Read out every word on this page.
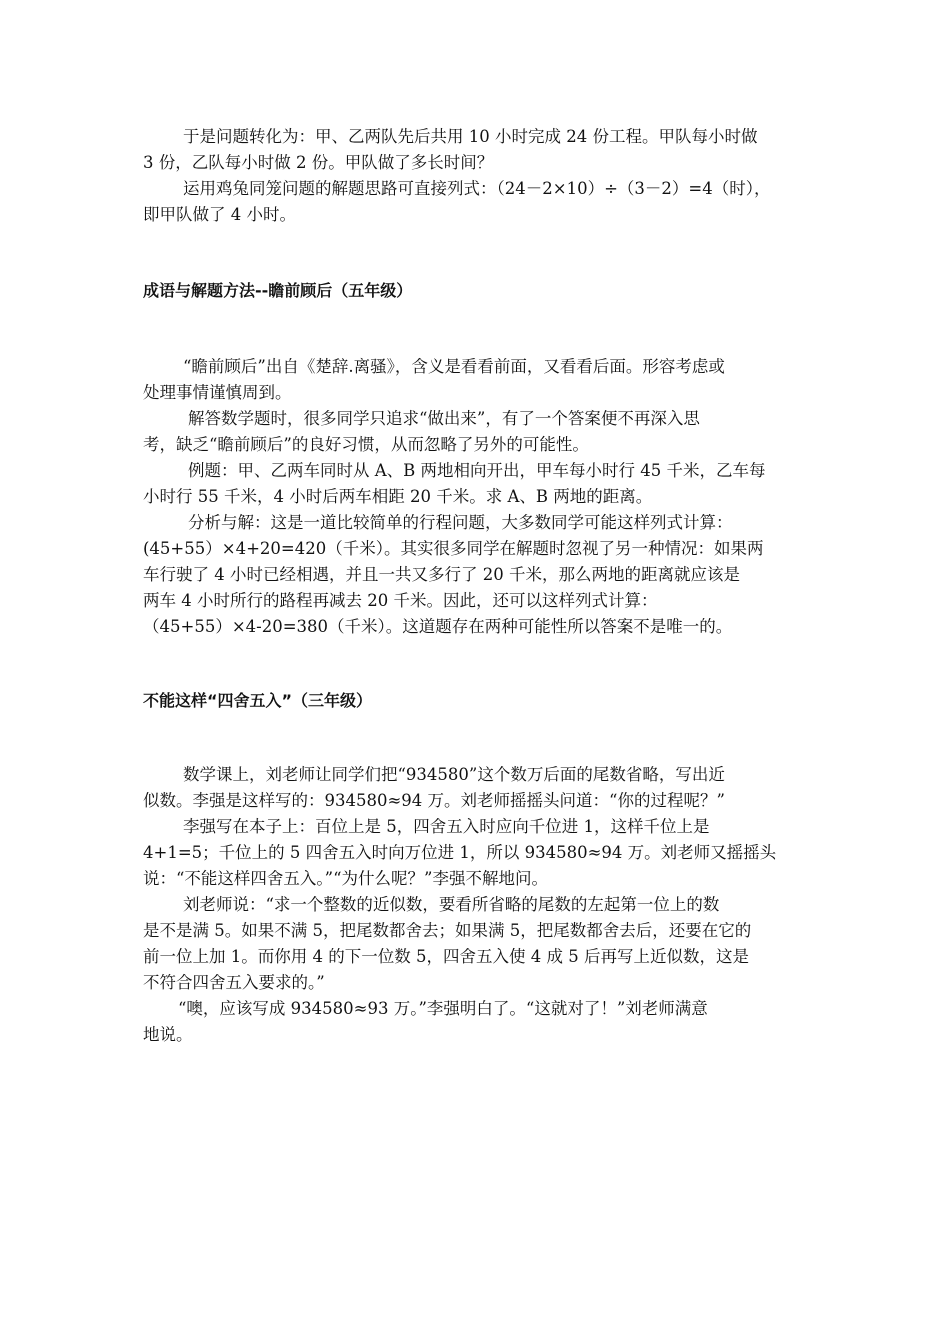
于是问题转化为：甲、乙两队先后共用 10 小时完成 24 份工程。甲队每小时做
3 份，乙队每小时做 2 份。甲队做了多长时间？
运用鸡兔同笼问题的解题思路可直接列式：（24－2×10）÷（3－2）=4（时），
即甲队做了 4 小时。
成语与解题方法--瞻前顾后（五年级）
“瞻前顾后”出自《楚辞.离骚》，含义是看看前面，又看看后面。形容考虑或
处理事情谨慎周到。
解答数学题时，很多同学只追求“做出来”，有了一个答案便不再深入思
考，缺乏“瞻前顾后”的良好习惯，从而忽略了另外的可能性。
例题：甲、乙两车同时从 A、B 两地相向开出，甲车每小时行 45 千米，乙车每
小时行 55 千米，4 小时后两车相距 20 千米。求 A、B 两地的距离。
分析与解：这是一道比较简单的行程问题，大多数同学可能这样列式计算：
(45+55）×4+20=420（千米）。其实很多同学在解题时忽视了另一种情况：如果两
车行驶了 4 小时已经相遇，并且一共又多行了 20 千米，那么两地的距离就应该是
两车 4 小时所行的路程再减去 20 千米。因此，还可以这样列式计算：
（45+55）×4-20=380（千米）。这道题存在两种可能性所以答案不是唯一的。
不能这样“四舍五入”（三年级）
数学课上，刘老师让同学们把“934580”这个数万后面的尾数省略，写出近
似数。李强是这样写的：934580≈94 万。刘老师摇摇头问道：“你的过程呢？”
李强写在本子上：百位上是 5，四舍五入时应向千位进 1，这样千位上是
4+1=5；千位上的 5 四舍五入时向万位进 1，所以 934580≈94 万。刘老师又摇摇头
说：“不能这样四舍五入。”“为什么呢？”李强不解地问。
刘老师说：“求一个整数的近似数，要看所省略的尾数的左起第一位上的数
是不是满 5。如果不满 5，把尾数都舍去；如果满 5，把尾数都舍去后，还要在它的
前一位上加 1。而你用 4 的下一位数 5，四舍五入使 4 成 5 后再写上近似数，这是
不符合四舍五入要求的。”
“噢，应该写成 934580≈93 万。”李强明白了。“这就对了！”刘老师满意
地说。
